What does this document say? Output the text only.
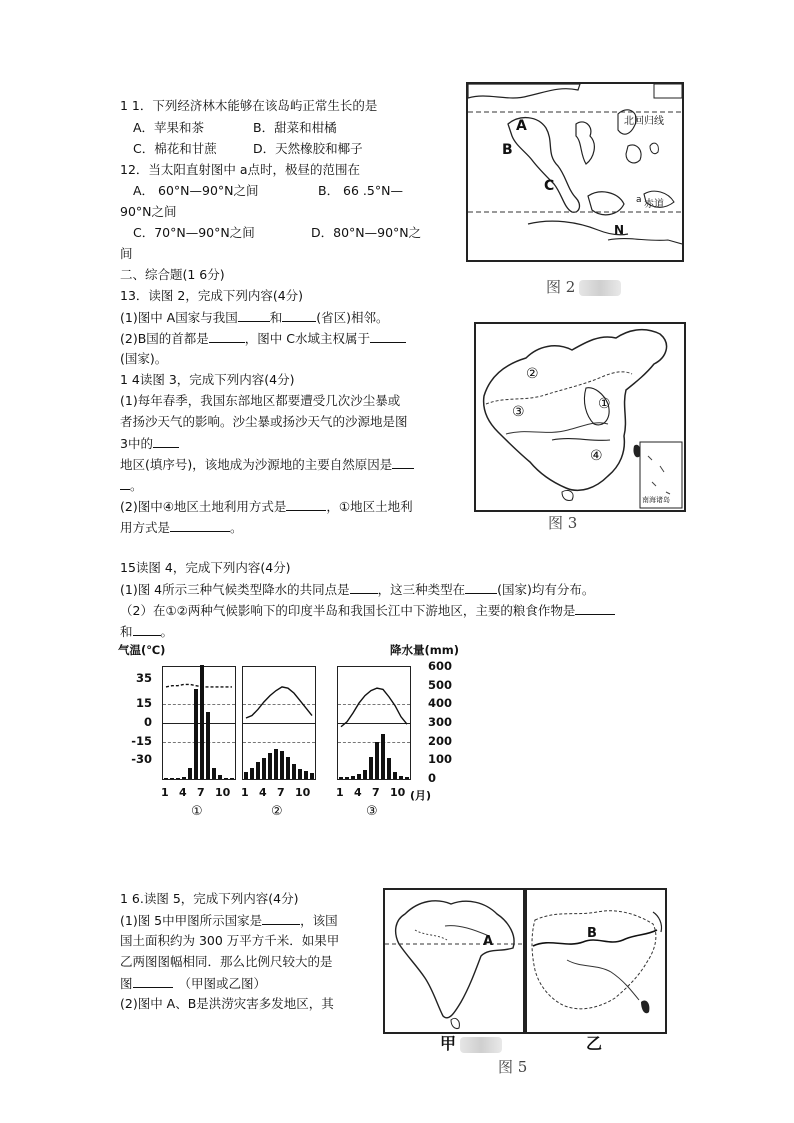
1 1．下列经济林木能够在该岛屿正常生长的是
A．苹果和茶	B．甜菜和柑橘
C．棉花和甘蔗	D．天然橡胶和椰子
12．当太阳直射图中 a点时，极昼的范围在
A． 60°N—90°N之间	B． 66 .5°N—
90°N之间
C．70°N—90°N之间	D．80°N—90°N之
间
二、综合题(1 6分)
13．读图 2，完成下列内容(4分)
(1)图中 A国家与我国	和	(省区)相邻。
(2)B国的首都是	，图中 C水域主权属于
(国家)。
1 4读图 3，完成下列内容(4分)
(1)每年春季，我国东部地区都要遭受几次沙尘暴或
者扬沙天气的影响。沙尘暴或扬沙天气的沙源地是图
3中的
地区(填序号)，该地成为沙源地的主要自然原因是
。
(2)图中④地区土地利用方式是	，①地区土地利
用方式是	。
15读图 4，完成下列内容(4分)
(1)图 4所示三种气候类型降水的共同点是 ，这三种类型在	(国家)均有分布。
（2）在①②两种气候影响下的印度半岛和我国长江中下游地区，主要的粮食作物是
和 。
气温(℃)	降水量(mm)
(月)
35
15
0
-15
-30
600
500
400
300
200
100
0
1 4 7 10
①
1 4 7 10
②
1 4 7 10
③
1 6.读图 5，完成下列内容(4分)
(1)图 5中甲图所示国家是	，该国
国土面积约为 300 万平方千米．如果甲
乙两图图幅相同．那么比例尺较大的是
图	（甲图或乙图）
(2)图中 A、B是洪涝灾害多发地区，其
北回归线
赤道
A
B
C
N
a
图 2
②
③	①
④
南海诸岛
图 3
A
B
甲	乙
图 5
